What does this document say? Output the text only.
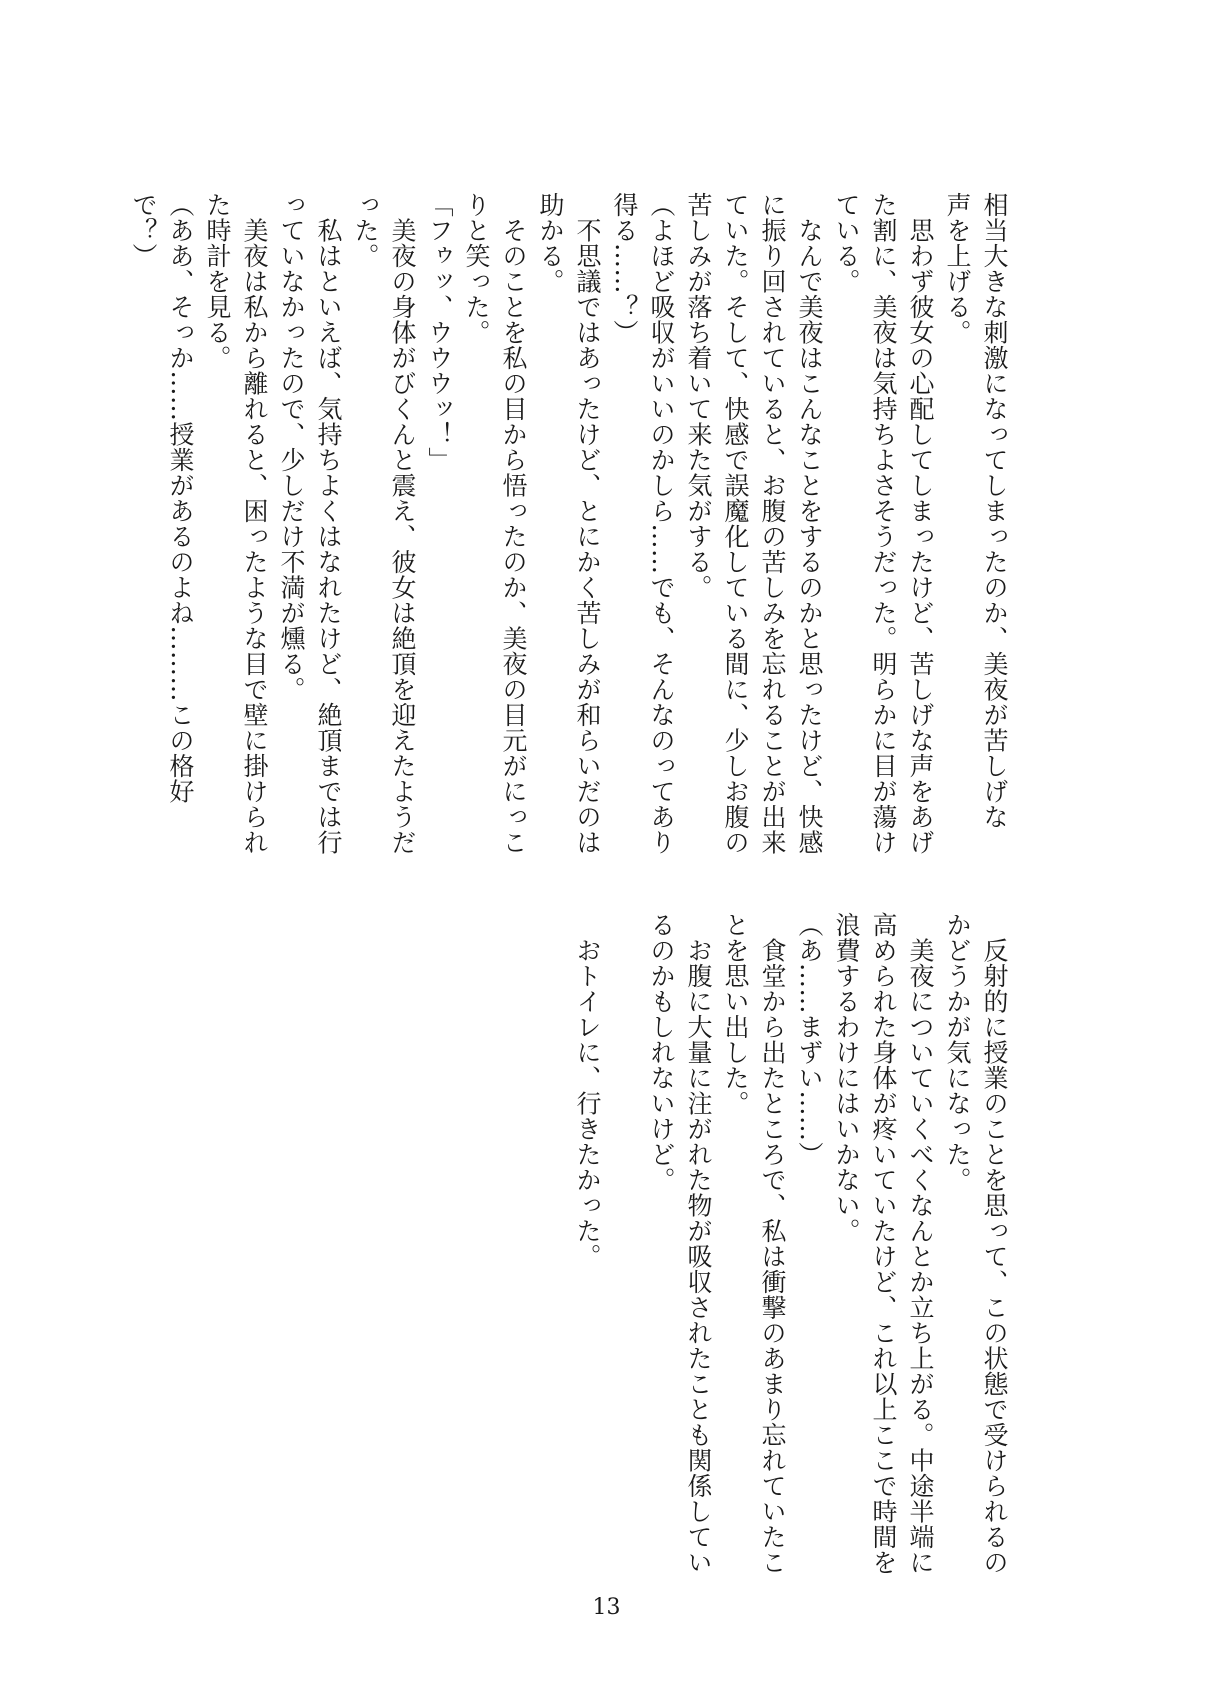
相当大きな刺激になってしまったのか、美夜が苦しげな
声を上げる。
　思わず彼女の心配してしまったけど、苦しげな声をあげ
た割に、美夜は気持ちよさそうだった。明らかに目が蕩け
ている。
　なんで美夜はこんなことをするのかと思ったけど、快感
に振り回されていると、お腹の苦しみを忘れることが出来
ていた。そして、快感で誤魔化している間に、少しお腹の
苦しみが落ち着いて来た気がする。
（よほど吸収がいいのかしら……でも、そんなのってあり
得る……？）
　不思議ではあったけど、とにかく苦しみが和らいだのは
助かる。
　そのことを私の目から悟ったのか、美夜の目元がにっこ
りと笑った。
「フゥッ、ウウウッ！」
　美夜の身体がびくんと震え、彼女は絶頂を迎えたようだ
った。
　私はといえば、気持ちよくはなれたけど、絶頂までは行
っていなかったので、少しだけ不満が燻る。
　美夜は私から離れると、困ったような目で壁に掛けられ
た時計を見る。
（ああ、そっか……授業があるのよね………この格好
で？）
　反射的に授業のことを思って、この状態で受けられるの
かどうかが気になった。
　美夜についていくべくなんとか立ち上がる。中途半端に
高められた身体が疼いていたけど、これ以上ここで時間を
浪費するわけにはいかない。
（あ……まずい……）
　食堂から出たところで、私は衝撃のあまり忘れていたこ
とを思い出した。
　お腹に大量に注がれた物が吸収されたことも関係してい
るのかもしれないけど。

　おトイレに、行きたかった。
13
